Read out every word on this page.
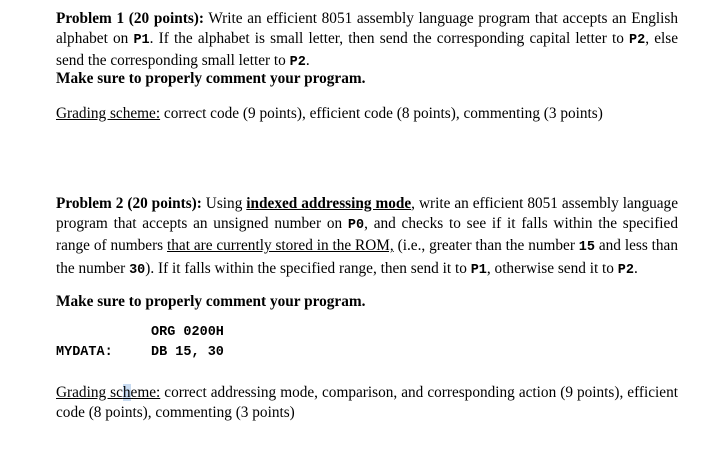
Problem 1 (20 points): Write an efficient 8051 assembly language program that accepts an English alphabet on P1. If the alphabet is small letter, then send the corresponding capital letter to P2, else send the corresponding small letter to P2.
Make sure to properly comment your program.
Grading scheme: correct code (9 points), efficient code (8 points), commenting (3 points)
Problem 2 (20 points): Using indexed addressing mode, write an efficient 8051 assembly language program that accepts an unsigned number on P0, and checks to see if it falls within the specified range of numbers that are currently stored in the ROM, (i.e., greater than the number 15 and less than the number 30). If it falls within the specified range, then send it to P1, otherwise send it to P2.
Make sure to properly comment your program.
ORG 0200H
MYDATA:	DB 15, 30
Grading scheme: correct addressing mode, comparison, and corresponding action (9 points), efficient code (8 points), commenting (3 points)
